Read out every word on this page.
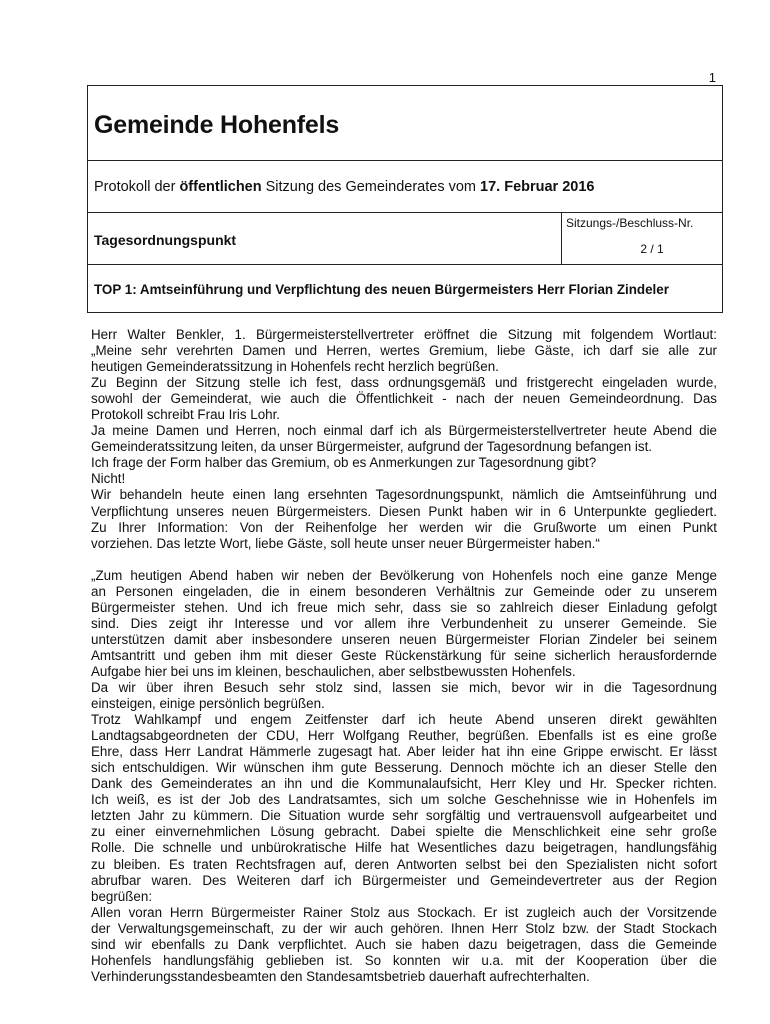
1
Gemeinde Hohenfels
Protokoll der öffentlichen Sitzung des Gemeinderates vom 17. Februar 2016
Tagesordnungspunkt
Sitzungs-/Beschluss-Nr.
2 / 1
TOP 1: Amtseinführung und Verpflichtung des neuen Bürgermeisters Herr Florian Zindeler

Herr Walter Benkler, 1. Bürgermeisterstellvertreter eröffnet die Sitzung mit folgendem Wortlaut:

„Meine sehr verehrten Damen und Herren, wertes Gremium, liebe Gäste, ich darf sie alle zur

heutigen Gemeinderatssitzung in Hohenfels recht herzlich begrüßen.

Zu Beginn der Sitzung stelle ich fest, dass ordnungsgemäß und fristgerecht eingeladen wurde,

sowohl der Gemeinderat, wie auch die Öffentlichkeit - nach der neuen Gemeindeordnung. Das

Protokoll schreibt Frau Iris Lohr.

Ja meine Damen und Herren, noch einmal darf ich als Bürgermeisterstellvertreter heute Abend die

Gemeinderatssitzung leiten, da unser Bürgermeister, aufgrund der Tagesordnung befangen ist.

Ich frage der Form halber das Gremium, ob es Anmerkungen zur Tagesordnung gibt?

Nicht!

Wir behandeln heute einen lang ersehnten Tagesordnungspunkt, nämlich die Amtseinführung und

Verpflichtung unseres neuen Bürgermeisters. Diesen Punkt haben wir in 6 Unterpunkte gegliedert.

Zu Ihrer Information: Von der Reihenfolge her werden wir die Grußworte um einen Punkt

vorziehen. Das letzte Wort, liebe Gäste, soll heute unser neuer Bürgermeister haben.“

„Zum heutigen Abend haben wir neben der Bevölkerung von Hohenfels noch eine ganze Menge

an Personen eingeladen, die in einem besonderen Verhältnis zur Gemeinde oder zu unserem

Bürgermeister stehen. Und ich freue mich sehr, dass sie so zahlreich dieser Einladung gefolgt

sind. Dies zeigt ihr Interesse und vor allem ihre Verbundenheit zu unserer Gemeinde. Sie

unterstützen damit aber insbesondere unseren neuen Bürgermeister Florian Zindeler bei seinem

Amtsantritt und geben ihm mit dieser Geste Rückenstärkung für seine sicherlich herausfordernde

Aufgabe hier bei uns im kleinen, beschaulichen, aber selbstbewussten Hohenfels.

Da wir über ihren Besuch sehr stolz sind, lassen sie mich, bevor wir in die Tagesordnung

einsteigen, einige persönlich begrüßen.

Trotz Wahlkampf und engem Zeitfenster darf ich heute Abend unseren direkt gewählten

Landtagsabgeordneten der CDU, Herr Wolfgang Reuther, begrüßen. Ebenfalls ist es eine große

Ehre, dass Herr Landrat Hämmerle zugesagt hat. Aber leider hat ihn eine Grippe erwischt. Er lässt

sich entschuldigen. Wir wünschen ihm gute Besserung. Dennoch möchte ich an dieser Stelle den

Dank des Gemeinderates an ihn und die Kommunalaufsicht, Herr Kley und Hr. Specker richten.

Ich weiß, es ist der Job des Landratsamtes, sich um solche Geschehnisse wie in Hohenfels im

letzten Jahr zu kümmern. Die Situation wurde sehr sorgfältig und vertrauensvoll aufgearbeitet und

zu einer einvernehmlichen Lösung gebracht. Dabei spielte die Menschlichkeit eine sehr große

Rolle. Die schnelle und unbürokratische Hilfe hat Wesentliches dazu beigetragen, handlungsfähig

zu bleiben. Es traten Rechtsfragen auf, deren Antworten selbst bei den Spezialisten nicht sofort

abrufbar waren. Des Weiteren darf ich Bürgermeister und Gemeindevertreter aus der Region

begrüßen:

Allen voran Herrn Bürgermeister Rainer Stolz aus Stockach. Er ist zugleich auch der Vorsitzende

der Verwaltungsgemeinschaft, zu der wir auch gehören. Ihnen Herr Stolz bzw. der Stadt Stockach

sind wir ebenfalls zu Dank verpflichtet. Auch sie haben dazu beigetragen, dass die Gemeinde

Hohenfels handlungsfähig geblieben ist. So konnten wir u.a. mit der Kooperation über die

Verhinderungsstandesbeamten den Standesamtsbetrieb dauerhaft aufrechterhalten.
